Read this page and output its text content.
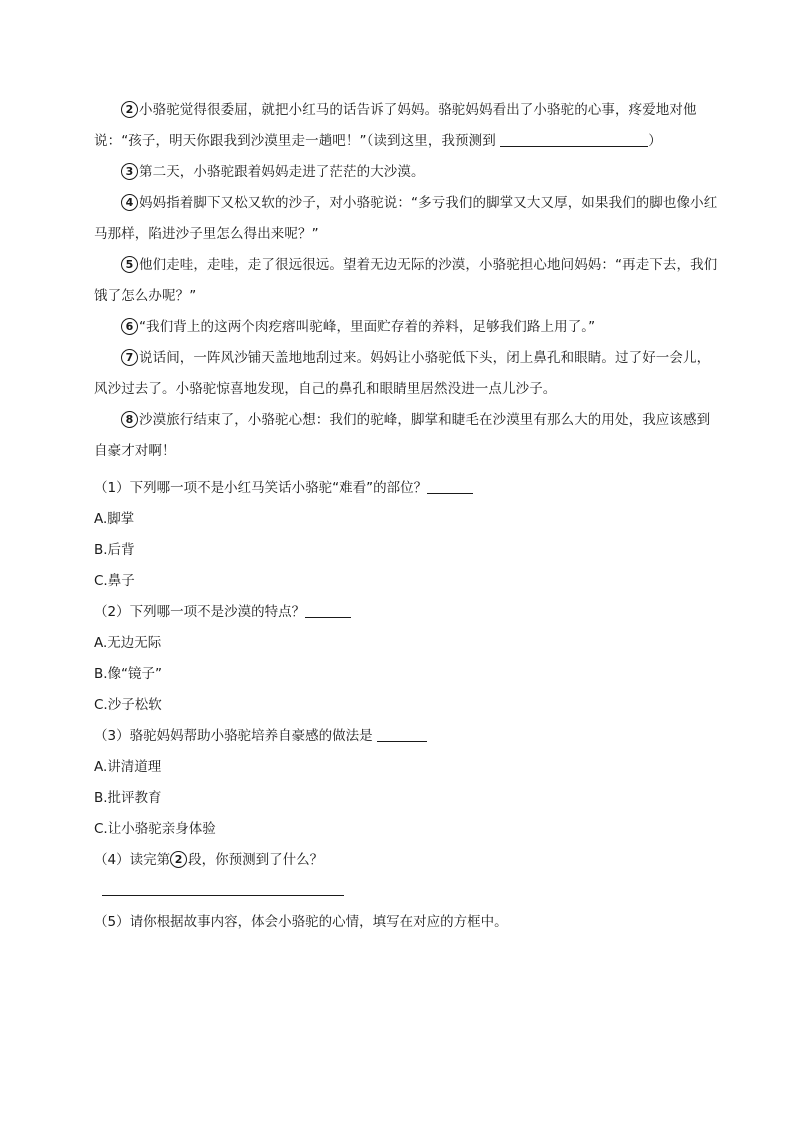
2 小骆驼觉得很委屈，就把小红马的话告诉了妈妈。骆驼妈妈看出了小骆驼的心事，疼爱地对他说：“孩子，明天你跟我到沙漠里走一趟吧！”（读到这里，我预测到	）

3 第二天，小骆驼跟着妈妈走进了茫茫的大沙漠。

4 妈妈指着脚下又松又软的沙子，对小骆驼说：“多亏我们的脚掌又大又厚，如果我们的脚也像小红马那样，陷进沙子里怎么得出来呢？”

5 他们走哇，走哇，走了很远很远。望着无边无际的沙漠，小骆驼担心地问妈妈：“再走下去，我们饿了怎么办呢？”

6 “我们背上的这两个肉疙瘩叫驼峰，里面贮存着的养料，足够我们路上用了。”

7 说话间，一阵风沙铺天盖地地刮过来。妈妈让小骆驼低下头，闭上鼻孔和眼睛。过了好一会儿，风沙过去了。小骆驼惊喜地发现，自己的鼻孔和眼睛里居然没进一点儿沙子。

8 沙漠旅行结束了，小骆驼心想：我们的驼峰，脚掌和睫毛在沙漠里有那么大的用处，我应该感到自豪才对啊！

（1）下列哪一项不是小红马笑话小骆驼“难看”的部位？

A.脚掌

B.后背

C.鼻子

（2）下列哪一项不是沙漠的特点？

A.无边无际

B.像“镜子”

C.沙子松软

（3）骆驼妈妈帮助小骆驼培养自豪感的做法是

A.讲清道理

B.批评教育

C.让小骆驼亲身体验

（4）读完第 2 段，你预测到了什么？

（5）请你根据故事内容，体会小骆驼的心情，填写在对应的方框中。
